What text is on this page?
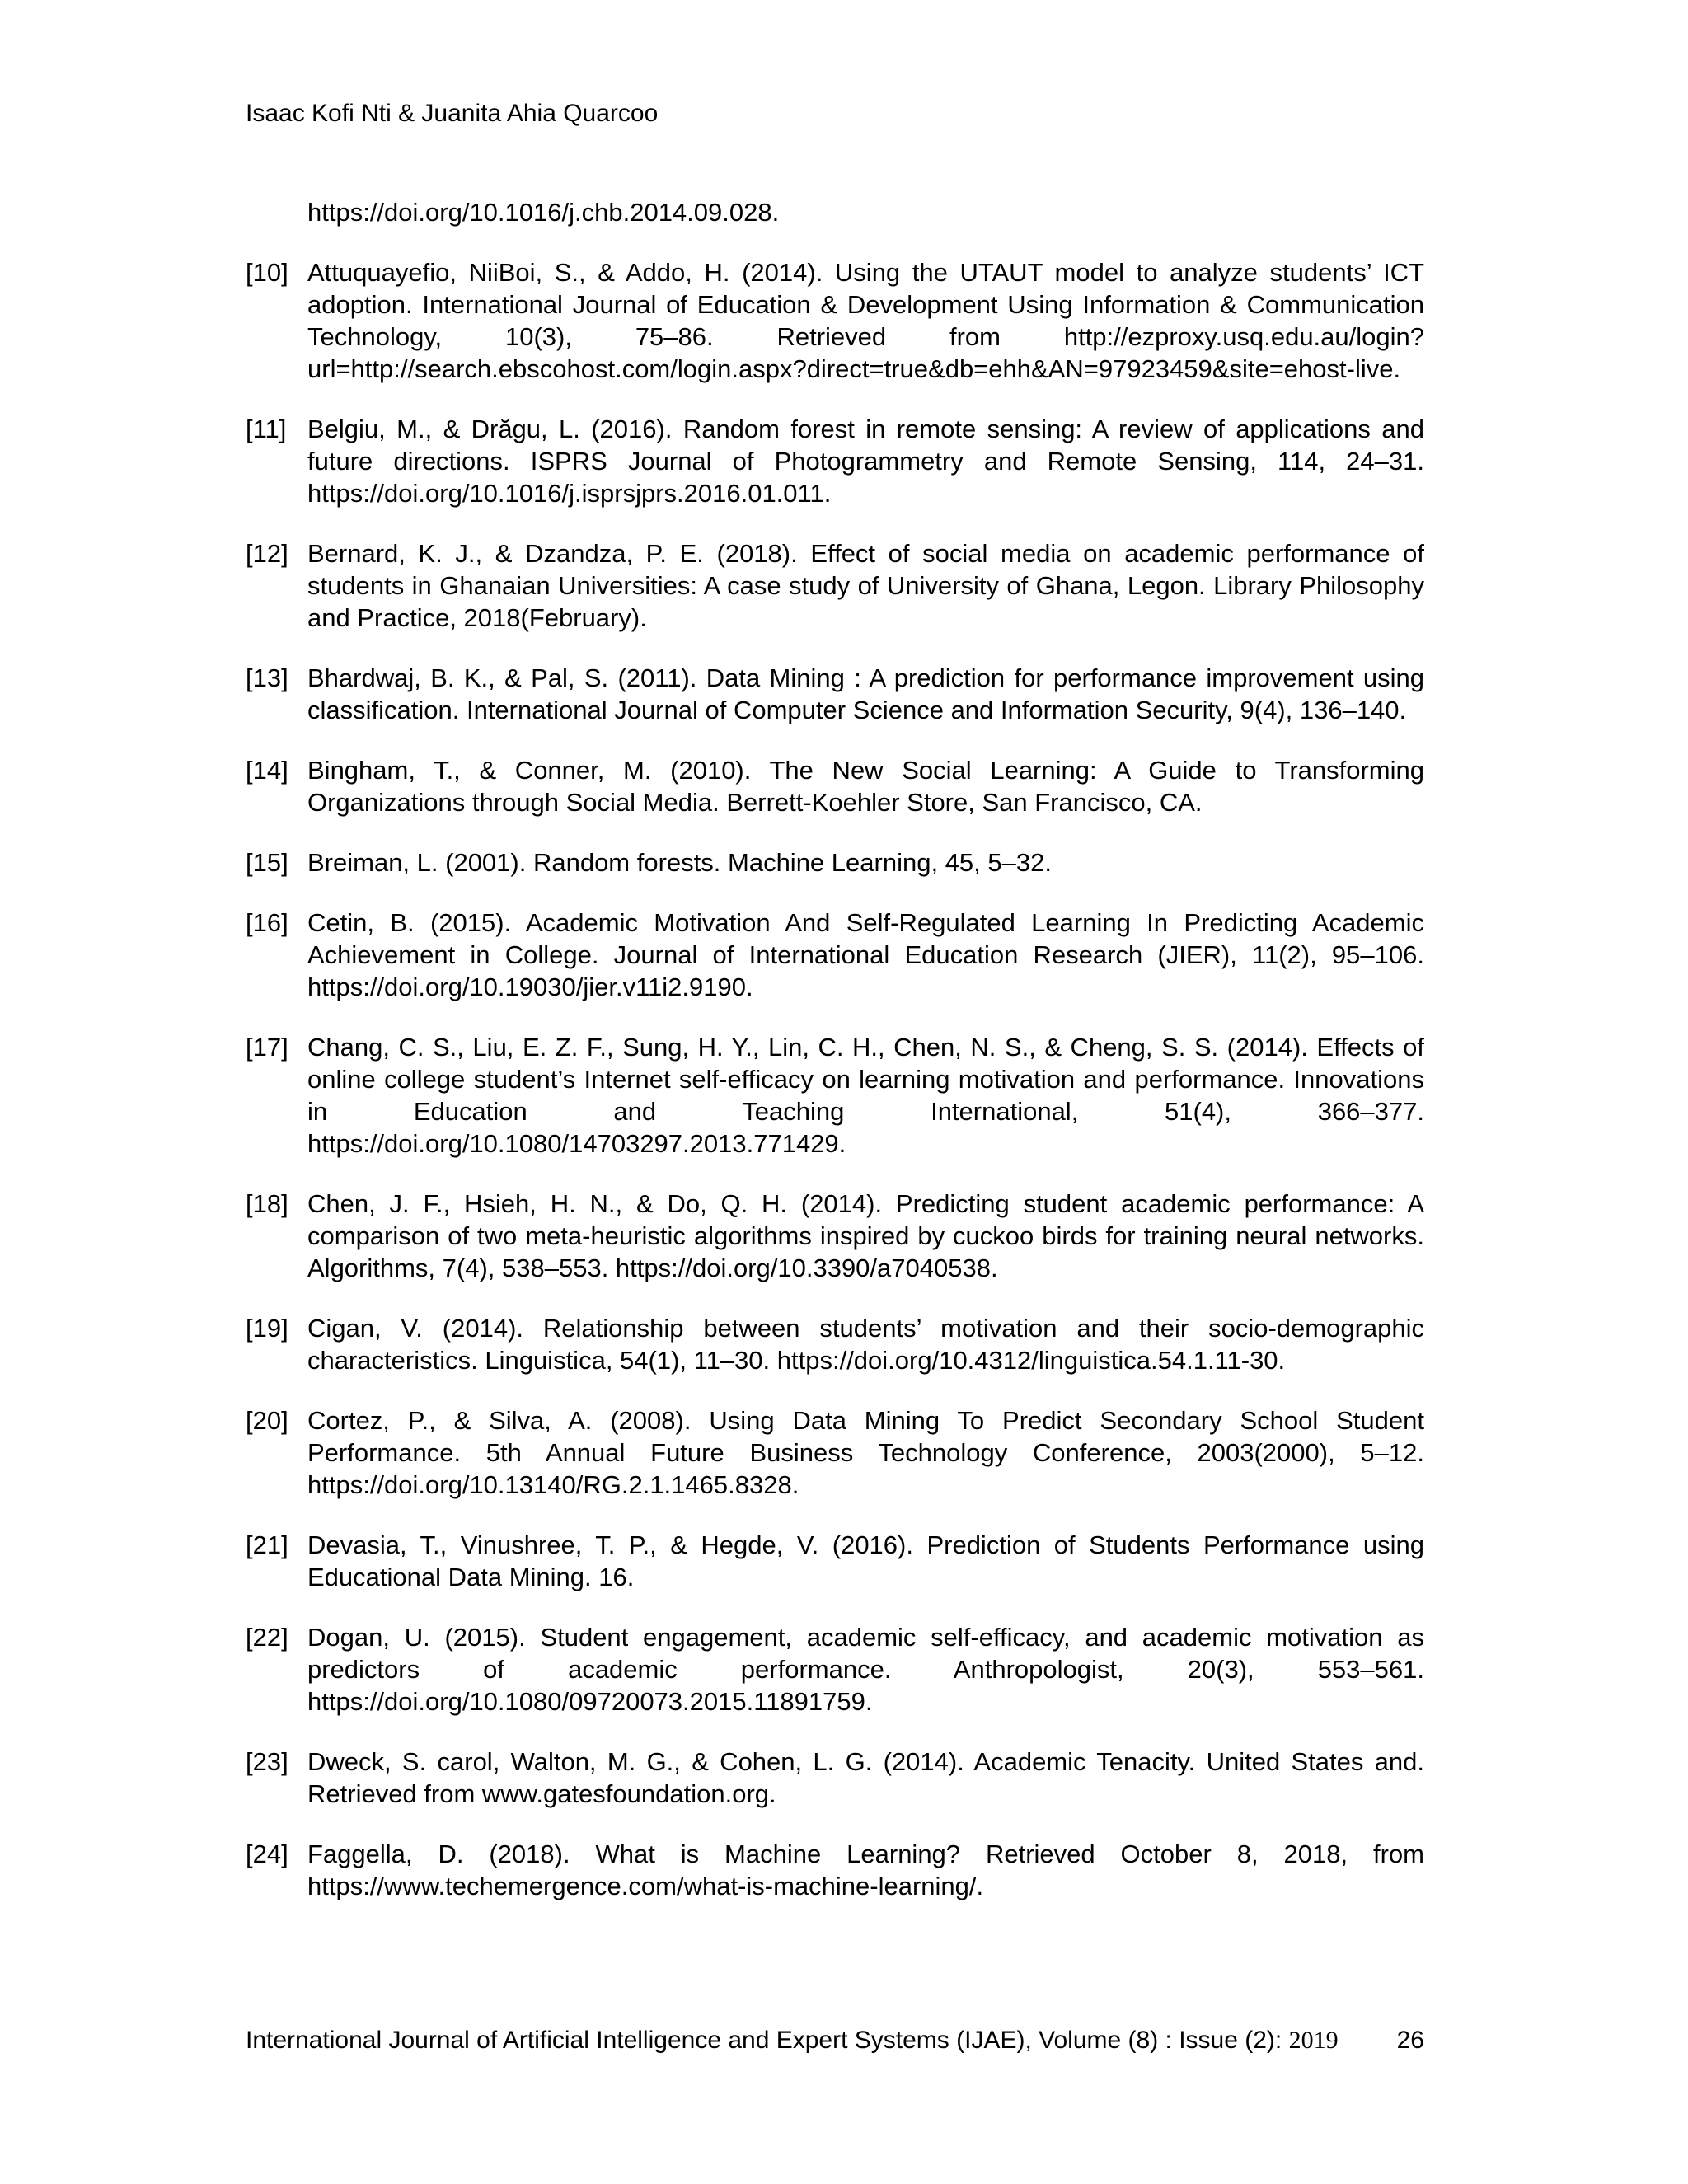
Isaac Kofi Nti & Juanita Ahia Quarcoo
https://doi.org/10.1016/j.chb.2014.09.028.
[10] Attuquayefio, NiiBoi, S., & Addo, H. (2014). Using the UTAUT model to analyze students’ ICT adoption. International Journal of Education & Development Using Information & Communication Technology, 10(3), 75–86. Retrieved from http://ezproxy.usq.edu.au/login?url=http://search.ebscohost.com/login.aspx?direct=true&db=ehh&AN=97923459&site=ehost-live.
[11] Belgiu, M., & Drăgu, L. (2016). Random forest in remote sensing: A review of applications and future directions. ISPRS Journal of Photogrammetry and Remote Sensing, 114, 24–31. https://doi.org/10.1016/j.isprsjprs.2016.01.011.
[12] Bernard, K. J., & Dzandza, P. E. (2018). Effect of social media on academic performance of students in Ghanaian Universities: A case study of University of Ghana, Legon. Library Philosophy and Practice, 2018(February).
[13] Bhardwaj, B. K., & Pal, S. (2011). Data Mining : A prediction for performance improvement using classification. International Journal of Computer Science and Information Security, 9(4), 136–140.
[14] Bingham, T., & Conner, M. (2010). The New Social Learning: A Guide to Transforming Organizations through Social Media. Berrett-Koehler Store, San Francisco, CA.
[15] Breiman, L. (2001). Random forests. Machine Learning, 45, 5–32.
[16] Cetin, B. (2015). Academic Motivation And Self-Regulated Learning In Predicting Academic Achievement in College. Journal of International Education Research (JIER), 11(2), 95–106. https://doi.org/10.19030/jier.v11i2.9190.
[17] Chang, C. S., Liu, E. Z. F., Sung, H. Y., Lin, C. H., Chen, N. S., & Cheng, S. S. (2014). Effects of online college student’s Internet self-efficacy on learning motivation and performance. Innovations in Education and Teaching International, 51(4), 366–377. https://doi.org/10.1080/14703297.2013.771429.
[18] Chen, J. F., Hsieh, H. N., & Do, Q. H. (2014). Predicting student academic performance: A comparison of two meta-heuristic algorithms inspired by cuckoo birds for training neural networks. Algorithms, 7(4), 538–553. https://doi.org/10.3390/a7040538.
[19] Cigan, V. (2014). Relationship between students’ motivation and their socio-demographic characteristics. Linguistica, 54(1), 11–30. https://doi.org/10.4312/linguistica.54.1.11-30.
[20] Cortez, P., & Silva, A. (2008). Using Data Mining To Predict Secondary School Student Performance. 5th Annual Future Business Technology Conference, 2003(2000), 5–12. https://doi.org/10.13140/RG.2.1.1465.8328.
[21] Devasia, T., Vinushree, T. P., & Hegde, V. (2016). Prediction of Students Performance using Educational Data Mining. 16.
[22] Dogan, U. (2015). Student engagement, academic self-efficacy, and academic motivation as predictors of academic performance. Anthropologist, 20(3), 553–561. https://doi.org/10.1080/09720073.2015.11891759.
[23] Dweck, S. carol, Walton, M. G., & Cohen, L. G. (2014). Academic Tenacity. United States and. Retrieved from www.gatesfoundation.org.
[24] Faggella, D. (2018). What is Machine Learning? Retrieved October 8, 2018, from https://www.techemergence.com/what-is-machine-learning/.
International Journal of Artificial Intelligence and Expert Systems (IJAE), Volume (8) : Issue (2): 2019 26
